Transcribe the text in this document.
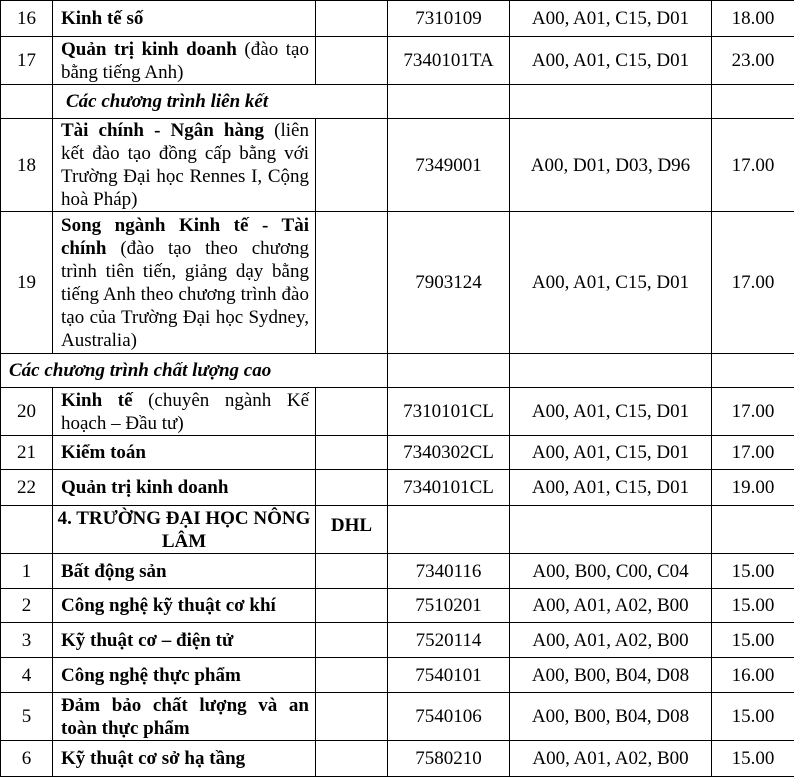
16	Kinh tế số		7310109	A00, A01, C15, D01	18.00
17	Quản trị kinh doanh (đào tạo bằng tiếng Anh)		7340101TA	A00, A01, C15, D01	23.00
	Các chương trình liên kết				
18	Tài chính - Ngân hàng (liên kết đào tạo đồng cấp bằng với Trường Đại học Rennes I, Cộng hoà Pháp)		7349001	A00, D01, D03, D96	17.00
19	Song ngành Kinh tế - Tài chính (đào tạo theo chương trình tiên tiến, giảng dạy bằng tiếng Anh theo chương trình đào tạo của Trường Đại học Sydney, Australia)		7903124	A00, A01, C15, D01	17.00
Các chương trình chất lượng cao					
20	Kinh tế (chuyên ngành Kế hoạch – Đầu tư)		7310101CL	A00, A01, C15, D01	17.00
21	Kiểm toán		7340302CL	A00, A01, C15, D01	17.00
22	Quản trị kinh doanh		7340101CL	A00, A01, C15, D01	19.00
	4. TRƯỜNG ĐẠI HỌC NÔNG LÂM	DHL			
1	Bất động sản		7340116	A00, B00, C00, C04	15.00
2	Công nghệ kỹ thuật cơ khí		7510201	A00, A01, A02, B00	15.00
3	Kỹ thuật cơ – điện tử		7520114	A00, A01, A02, B00	15.00
4	Công nghệ thực phẩm		7540101	A00, B00, B04, D08	16.00
5	Đảm bảo chất lượng và an toàn thực phẩm		7540106	A00, B00, B04, D08	15.00
6	Kỹ thuật cơ sở hạ tầng		7580210	A00, A01, A02, B00	15.00
